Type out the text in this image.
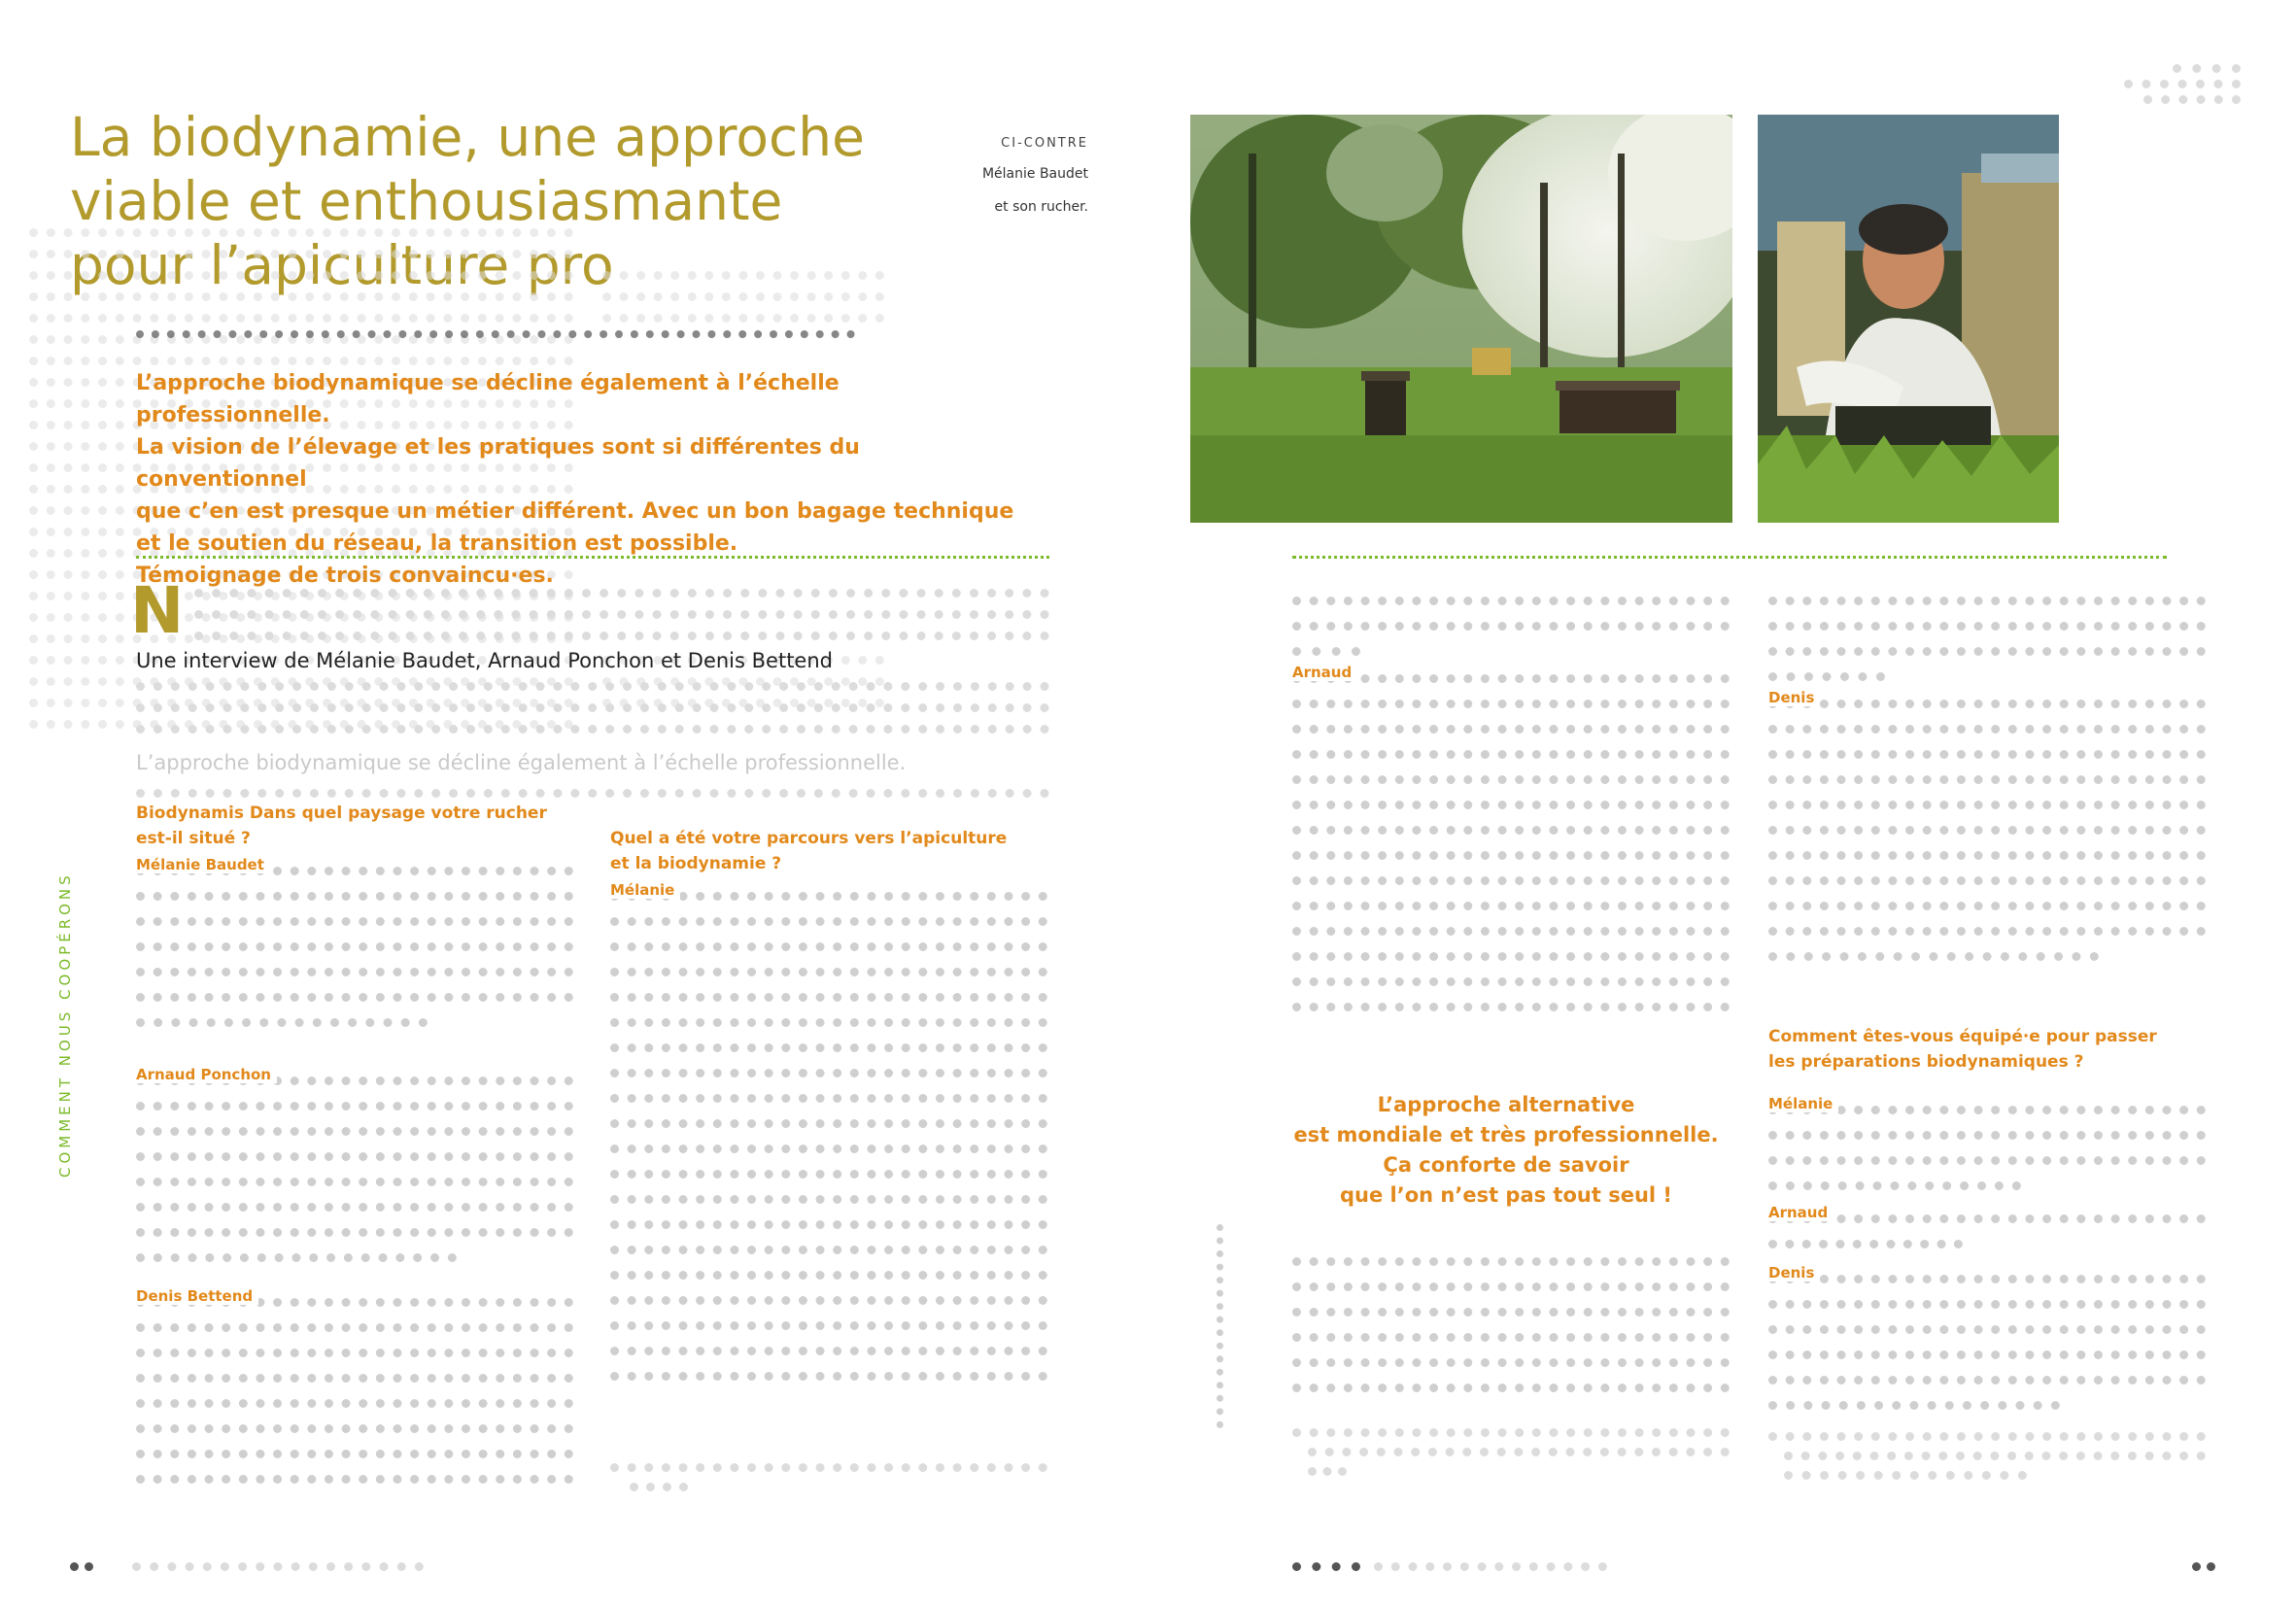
La biodynamie, une approche
viable et enthousiasmante
pour l’apiculture pro
CI-CONTRE
Mélanie Baudet
et son rucher.
L’approche biodynamique se décline également à l’échelle professionnelle.
La vision de l’élevage et les pratiques sont si différentes du conventionnel
que c’en est presque un métier différent. Avec un bon bagage technique
et le soutien du réseau, la transition est possible.
Témoignage de trois convaincu·es.
N
Une interview de Mélanie Baudet, Arnaud Ponchon et Denis Bettend
L’approche biodynamique se décline également à l’échelle professionnelle.
COMMENT NOUS COOPÉRONS
Biodynamis Dans quel paysage votre rucher
est-il situé ?
Mélanie Baudet
Arnaud Ponchon
Denis Bettend
Quel a été votre parcours vers l’apiculture
et la biodynamie ?
Mélanie
Arnaud
L’approche alternative
est mondiale et très professionnelle.
Ça conforte de savoir
que l’on n’est pas tout seul !
Denis
Comment êtes-vous équipé·e pour passer
les préparations biodynamiques ?
Mélanie
Arnaud
Denis
